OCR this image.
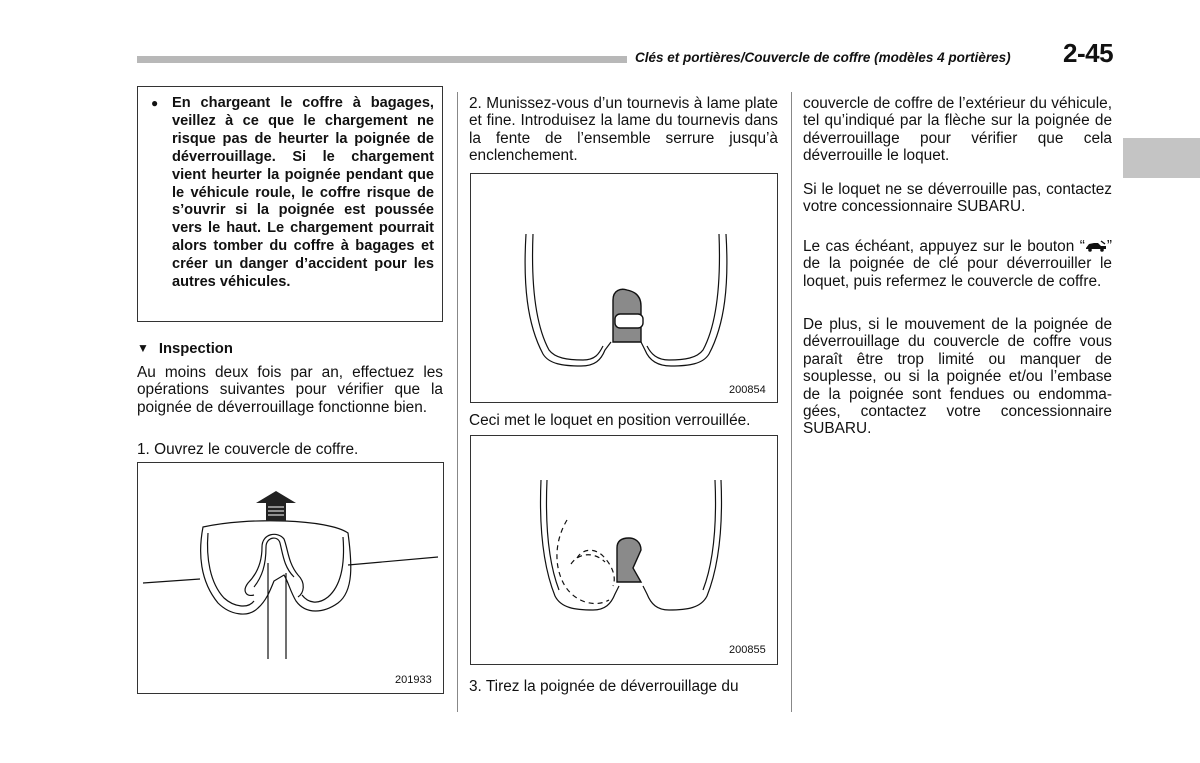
Clés et portières/Couvercle de coffre (modèles 4 portières) 2-45
● En chargeant le coffre à bagages, veillez à ce que le chargement ne risque pas de heurter la poignée de déverrouillage. Si le chargement vient heurter la poignée pendant que le véhicule roule, le coffre risque de s’ouvrir si la poignée est poussée vers le haut. Le chargement pourrait alors tomber du coffre à bagages et créer un danger d’accident pour les autres véhicules.
▼ Inspection

Au moins deux fois par an, effectuez les opérations suivantes pour vérifier que la poignée de déverrouillage fonctionne bien.

1. Ouvrez le couvercle de coffre.

201933

2. Munissez-vous d’un tournevis à lame plate et fine. Introduisez la lame du tournevis dans la fente de l’ensemble serrure jusqu’à enclenchement.

200854

Ceci met le loquet en position verrouillée.

200855

3. Tirez la poignée de déverrouillage du

couvercle de coffre de l’extérieur du véhicule, tel qu’indiqué par la flèche sur la poignée de déverrouillage pour vérifier que cela déverrouille le loquet.

Si le loquet ne se déverrouille pas, contactez votre concessionnaire SUBARU.

Le cas échéant, appuyez sur le bouton “ ” de la poignée de clé pour déverrouiller le loquet, puis refermez le couvercle de coffre.

De plus, si le mouvement de la poignée de déverrouillage du couvercle de coffre vous paraît être trop limité ou manquer de souplesse, ou si la poignée et/ou l’embase de la poignée sont fendues ou endommagées, contactez votre concessionnaire SUBARU.
